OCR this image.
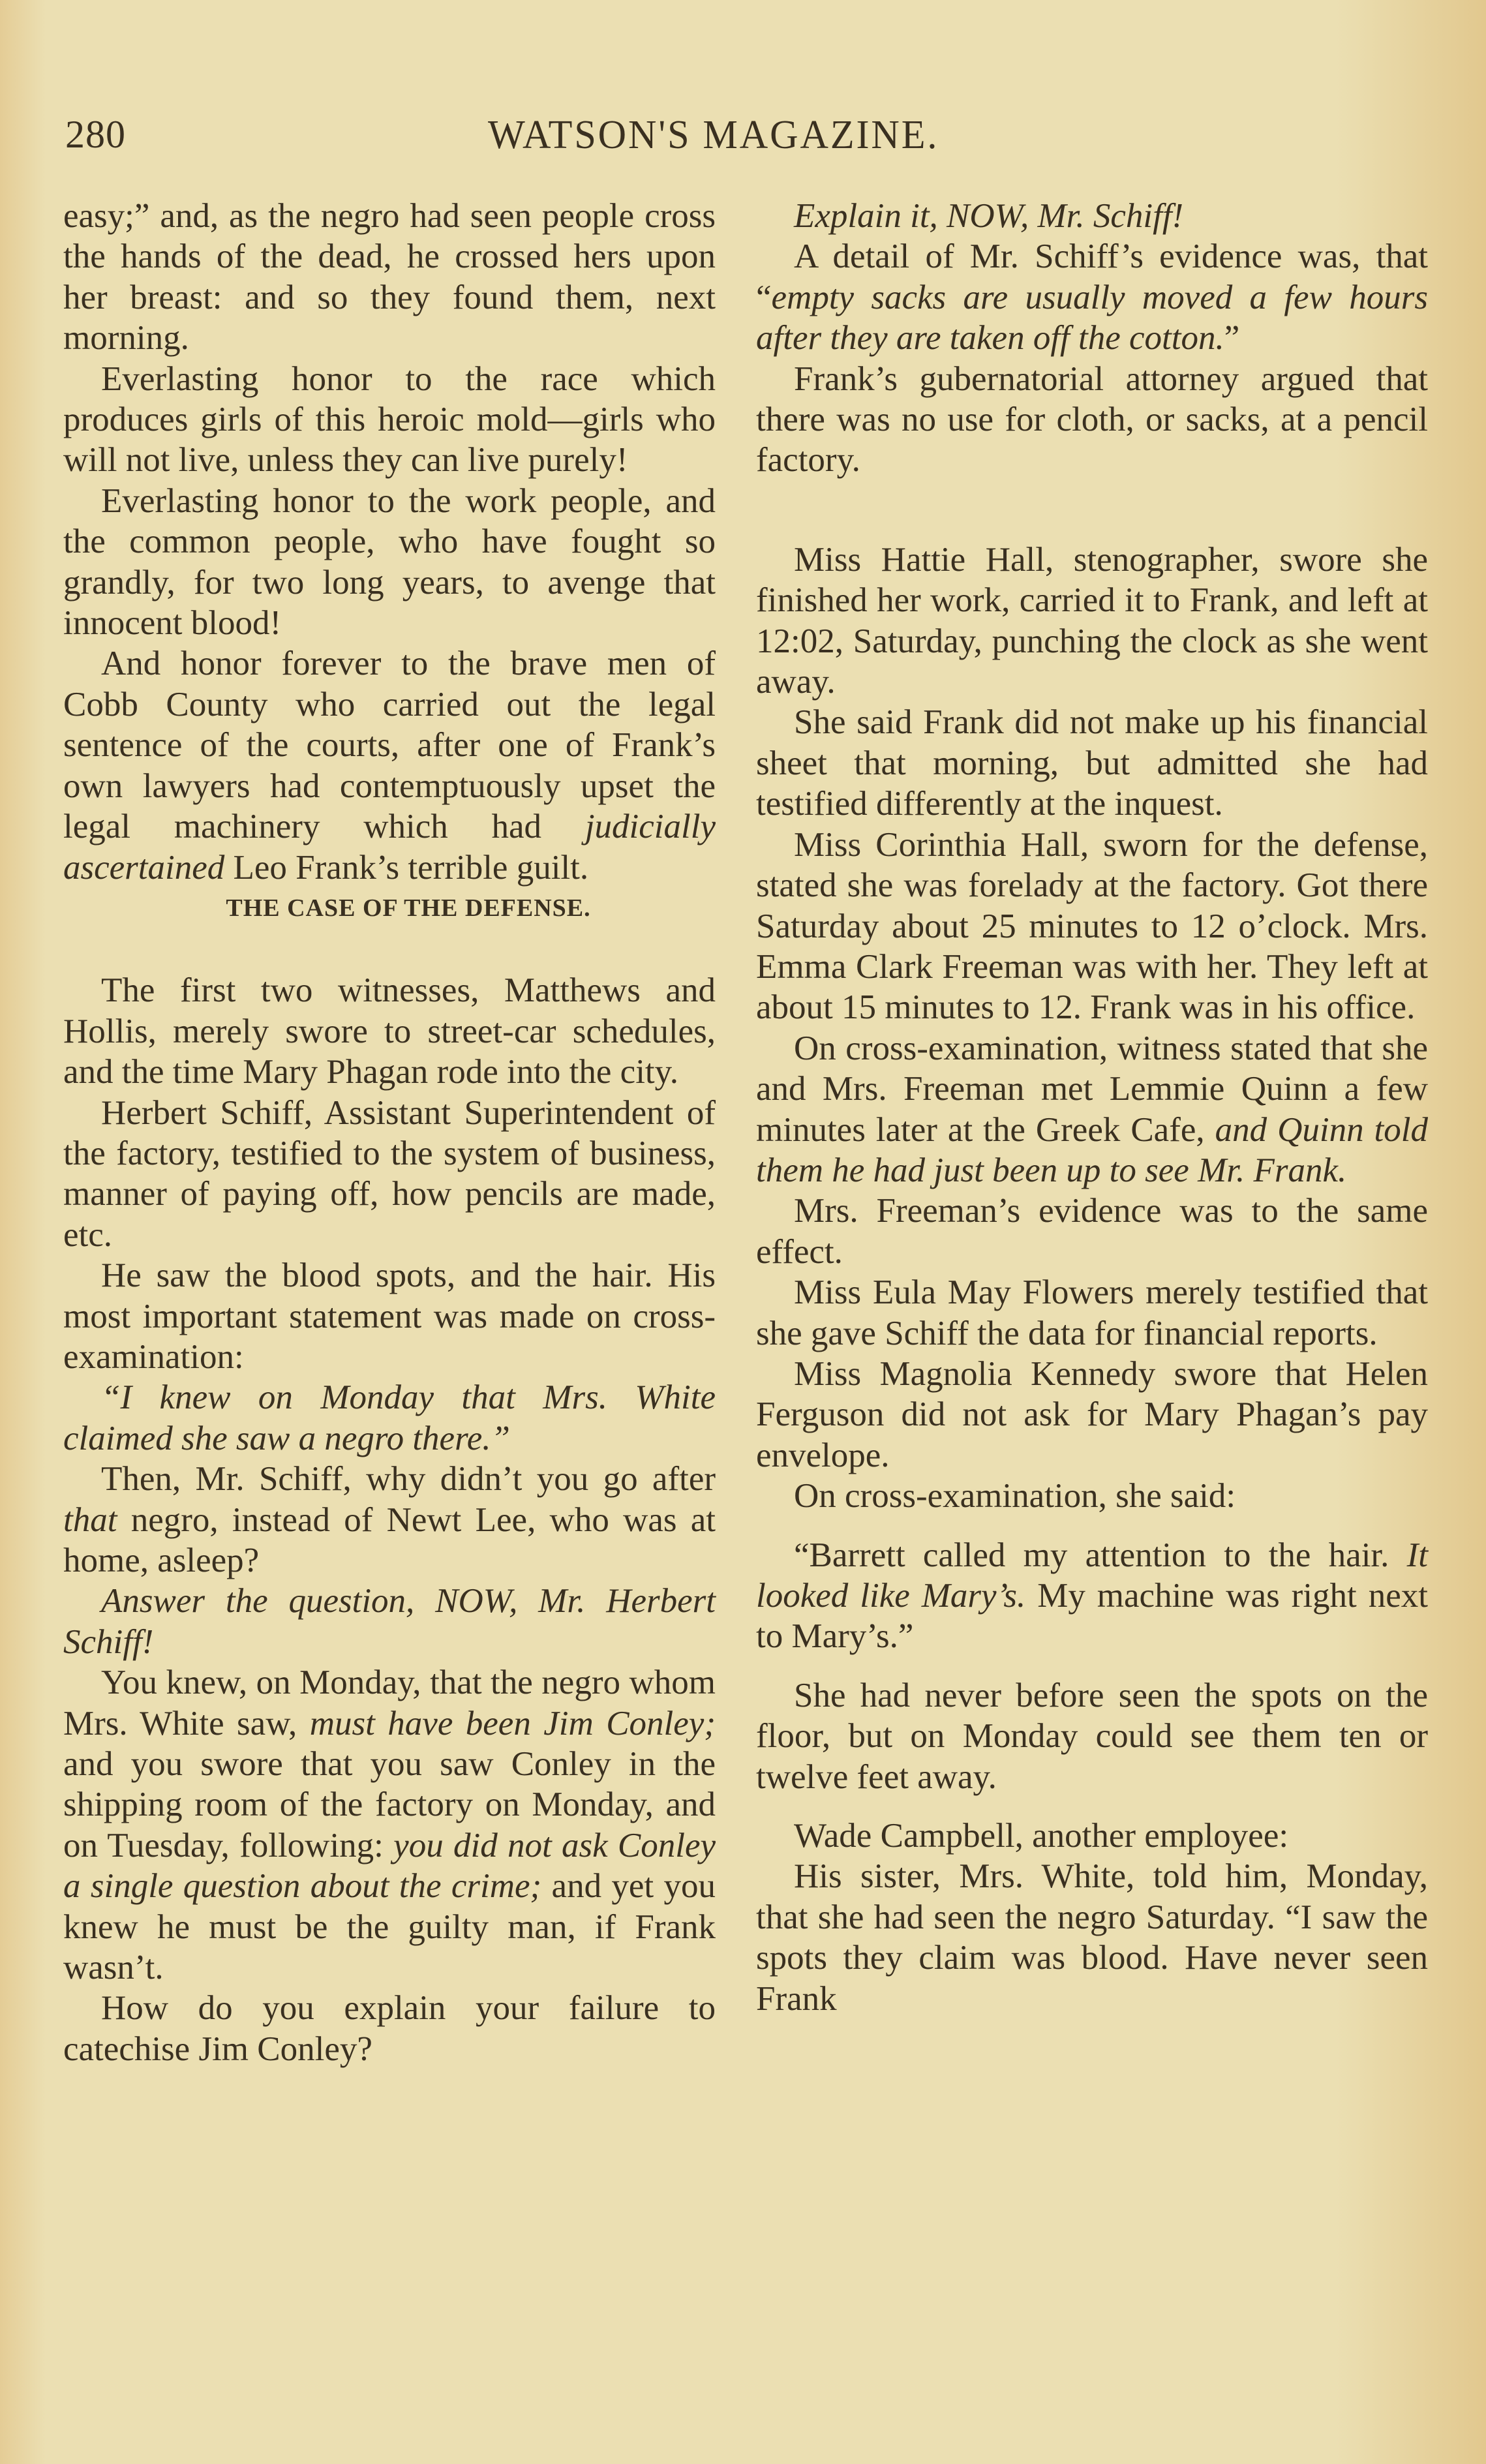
280	WATSON'S MAGAZINE.

easy;” and, as the negro had seen people cross the hands of the dead, he crossed hers upon her breast: and so they found them, next morning.

Everlasting honor to the race which produces girls of this heroic mold—girls who will not live, unless they can live purely!

Everlasting honor to the work people, and the common people, who have fought so grandly, for two long years, to avenge that innocent blood!

And honor forever to the brave men of Cobb County who carried out the legal sentence of the courts, after one of Frank’s own lawyers had contemptuously upset the legal machinery which had judicially ascertained Leo Frank’s terrible guilt.

THE CASE OF THE DEFENSE.

The first two witnesses, Matthews and Hollis, merely swore to street-car schedules, and the time Mary Phagan rode into the city.

Herbert Schiff, Assistant Superintendent of the factory, testified to the system of business, manner of paying off, how pencils are made, etc.

He saw the blood spots, and the hair. His most important statement was made on cross-examination:

“I knew on Monday that Mrs. White claimed she saw a negro there.”

Then, Mr. Schiff, why didn’t you go after that negro, instead of Newt Lee, who was at home, asleep?

Answer the question, NOW, Mr. Herbert Schiff!

You knew, on Monday, that the negro whom Mrs. White saw, must have been Jim Conley; and you swore that you saw Conley in the shipping room of the factory on Monday, and on Tuesday, following: you did not ask Conley a single question about the crime; and yet you knew he must be the guilty man, if Frank wasn’t.

How do you explain your failure to catechise Jim Conley?

Explain it, NOW, Mr. Schiff!

A detail of Mr. Schiff’s evidence was, that “empty sacks are usually moved a few hours after they are taken off the cotton.”

Frank’s gubernatorial attorney argued that there was no use for cloth, or sacks, at a pencil factory.

Miss Hattie Hall, stenographer, swore she finished her work, carried it to Frank, and left at 12:02, Saturday, punching the clock as she went away.

She said Frank did not make up his financial sheet that morning, but admitted she had testified differently at the inquest.

Miss Corinthia Hall, sworn for the defense, stated she was forelady at the factory. Got there Saturday about 25 minutes to 12 o’clock. Mrs. Emma Clark Freeman was with her. They left at about 15 minutes to 12. Frank was in his office.

On cross-examination, witness stated that she and Mrs. Freeman met Lemmie Quinn a few minutes later at the Greek Cafe, and Quinn told them he had just been up to see Mr. Frank.

Mrs. Freeman’s evidence was to the same effect.

Miss Eula May Flowers merely testified that she gave Schiff the data for financial reports.

Miss Magnolia Kennedy swore that Helen Ferguson did not ask for Mary Phagan’s pay envelope.

On cross-examination, she said:

“Barrett called my attention to the hair. It looked like Mary’s. My machine was right next to Mary’s.”

She had never before seen the spots on the floor, but on Monday could see them ten or twelve feet away.

Wade Campbell, another employee:

His sister, Mrs. White, told him, Monday, that she had seen the negro Saturday. “I saw the spots they claim was blood. Have never seen Frank
